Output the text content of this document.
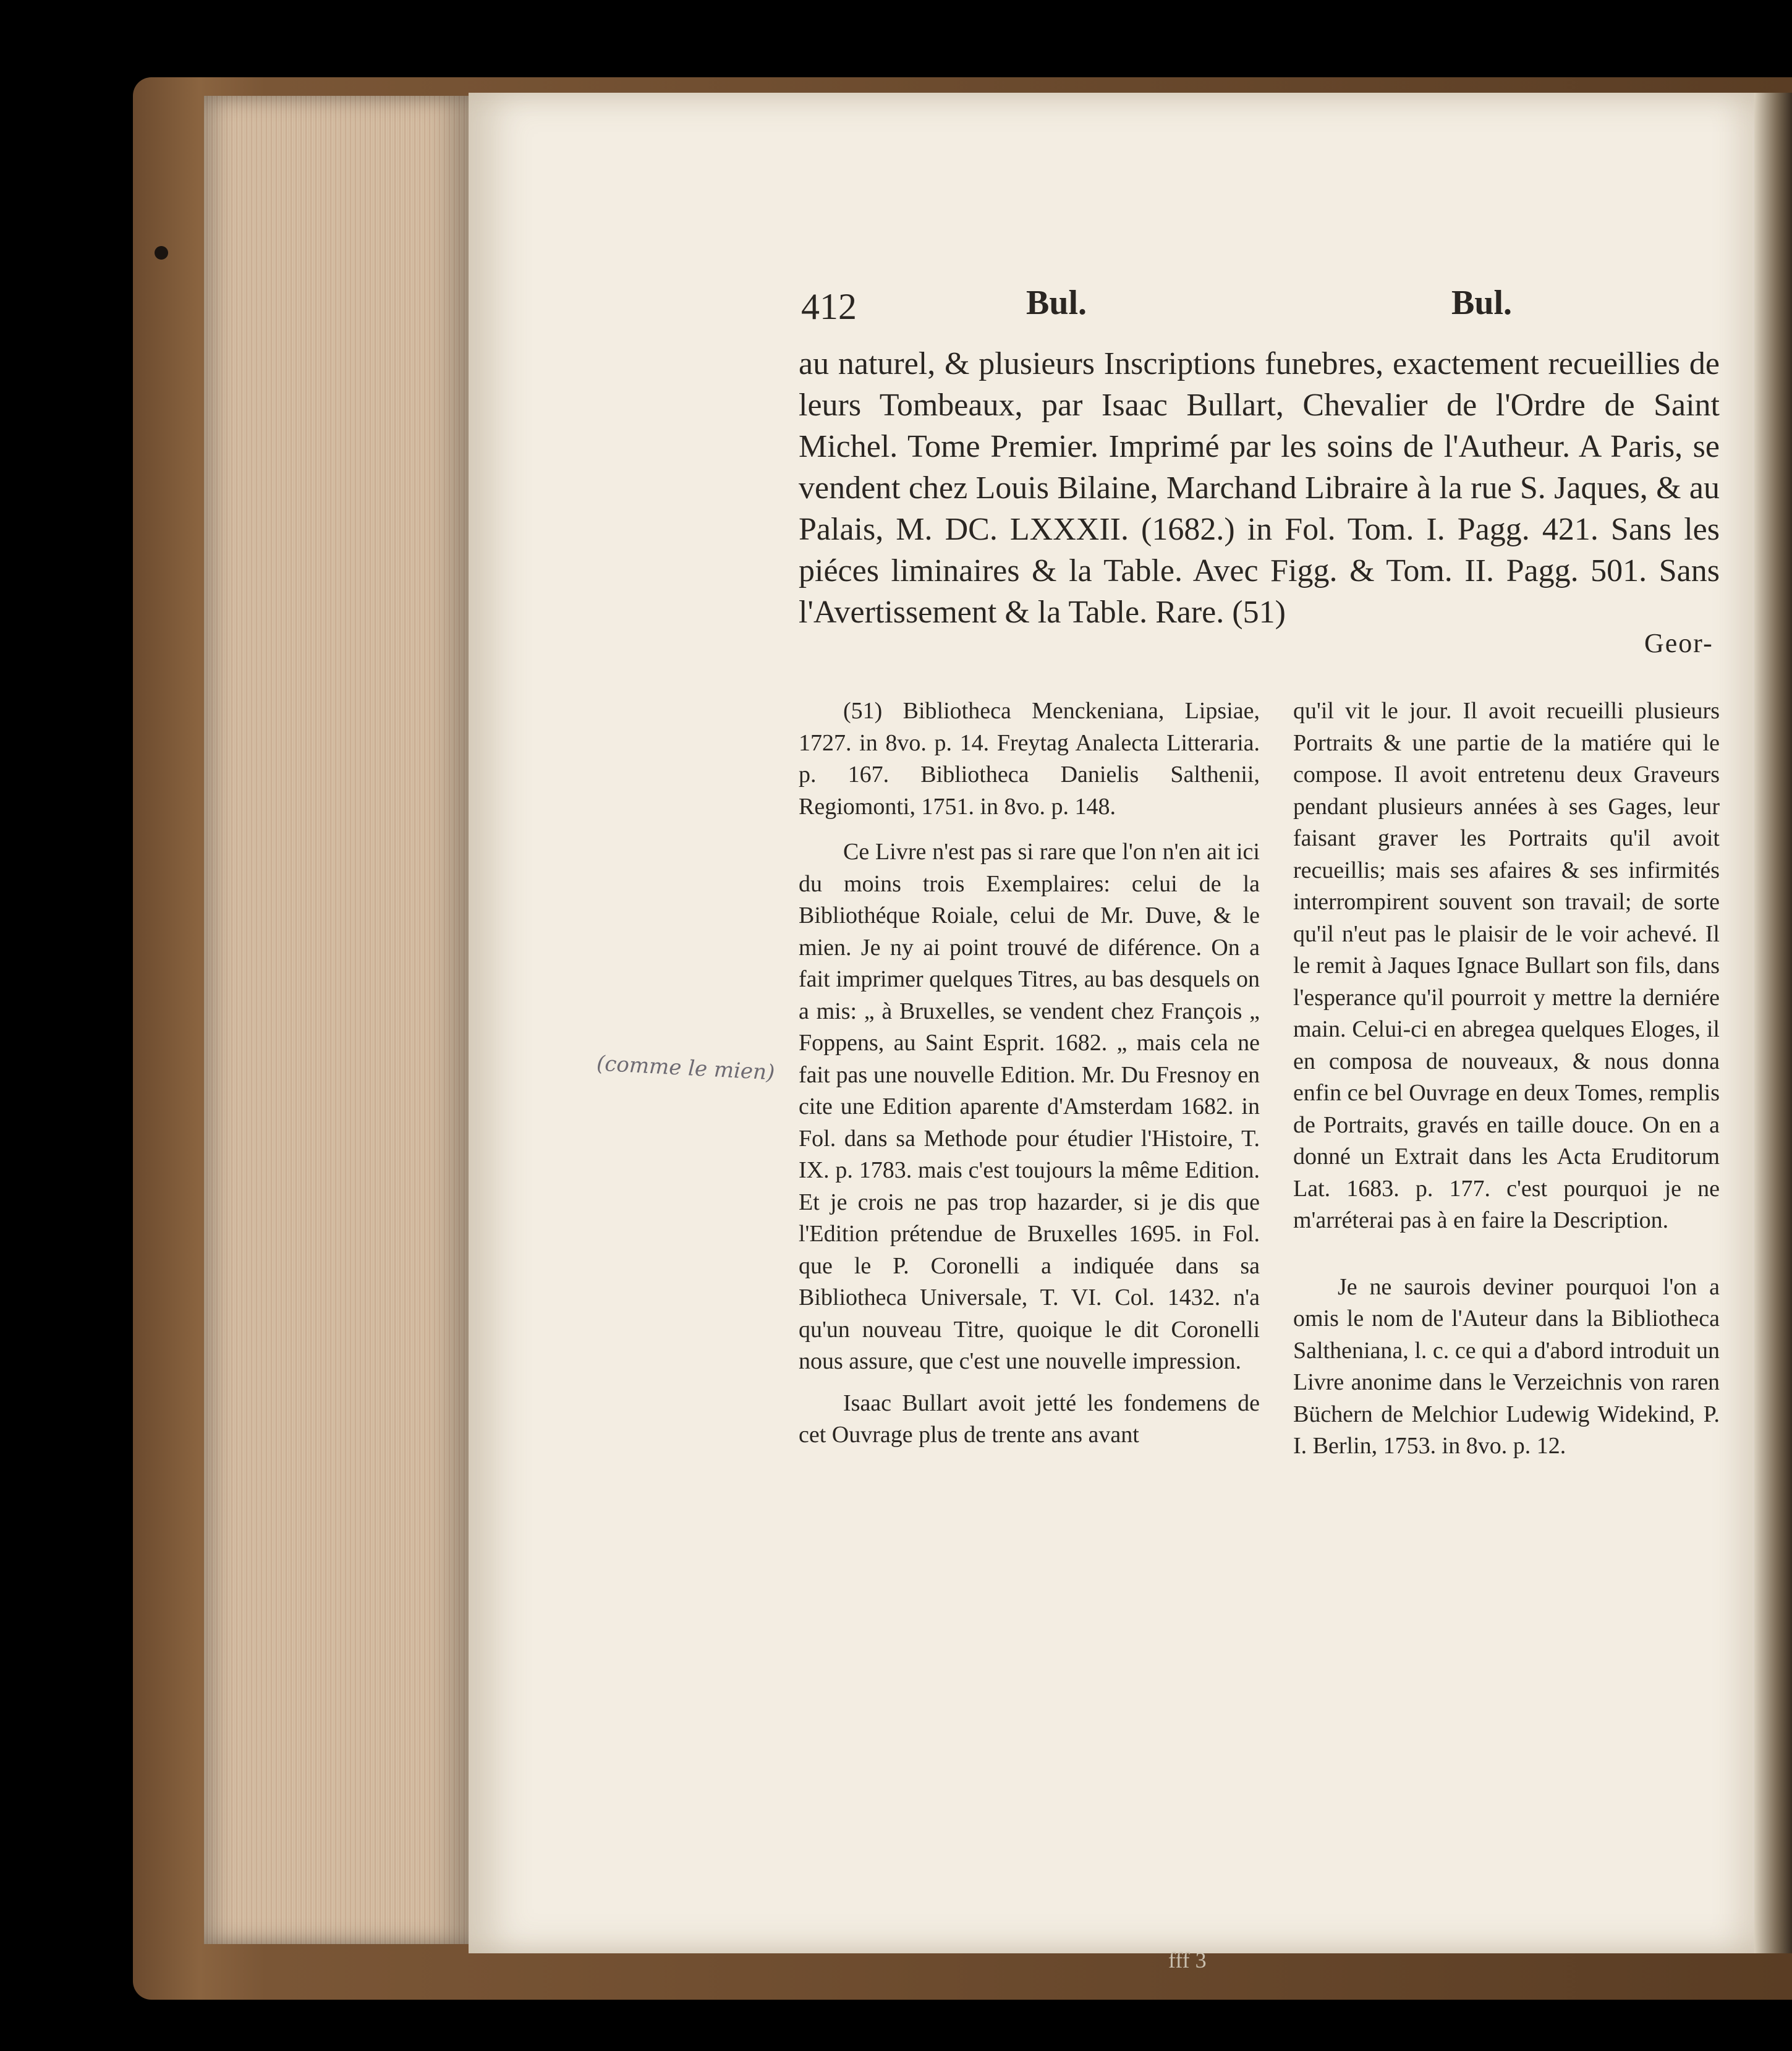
412	Bul.	Bul.

au naturel, & plusieurs Inscriptions funebres, exactement recueillies de leurs Tombeaux, par Isaac Bullart, Chevalier de l'Ordre de Saint Michel. Tome Premier. Imprimé par les soins de l'Autheur. A Paris, se vendent chez Louis Bilaine, Marchand Libraire à la rue S. Jaques, & au Palais, M. DC. LXXXII. (1682.) in Fol. Tom. I. Pagg. 421. Sans les piéces liminaires & la Table. Avec Figg. & Tom. II. Pagg. 501. Sans l'Avertissement & la Table. Rare. (51)

Geor-

(51) Bibliotheca Menckeniana, Lipsiae, 1727. in 8vo. p. 14. Freytag Analecta Litteraria. p. 167. Bibliotheca Danielis Salthenii, Regiomonti, 1751. in 8vo. p. 148.

Ce Livre n'est pas si rare que l'on n'en ait ici du moins trois Exemplaires: celui de la Bibliothéque Roiale, celui de Mr. Duve, & le mien. Je ny ai point trouvé de diférence. On a fait imprimer quelques Titres, au bas desquels on a mis: „ à Bruxelles, se vendent chez François „ Foppens, au Saint Esprit. 1682. „ mais cela ne fait pas une nouvelle Edition. Mr. Du Fresnoy en cite une Edition aparente d'Amsterdam 1682. in Fol. dans sa Methode pour étudier l'Histoire, T. IX. p. 1783. mais c'est toujours la même Edition. Et je crois ne pas trop hazarder, si je dis que l'Edition prétendue de Bruxelles 1695. in Fol. que le P. Coronelli a indiquée dans sa Bibliotheca Universale, T. VI. Col. 1432. n'a qu'un nouveau Titre, quoique le dit Coronelli nous assure, que c'est une nouvelle impression.

Isaac Bullart avoit jetté les fondemens de cet Ouvrage plus de trente ans avant

qu'il vit le jour. Il avoit recueilli plusieurs Portraits & une partie de la matiére qui le compose. Il avoit entretenu deux Graveurs pendant plusieurs années à ses Gages, leur faisant graver les Portraits qu'il avoit recueillis; mais ses afaires & ses infirmités interrompirent souvent son travail; de sorte qu'il n'eut pas le plaisir de le voir achevé. Il le remit à Jaques Ignace Bullart son fils, dans l'esperance qu'il pourroit y mettre la derniére main. Celui-ci en abregea quelques Eloges, il en composa de nouveaux, & nous donna enfin ce bel Ouvrage en deux Tomes, remplis de Portraits, gravés en taille douce. On en a donné un Extrait dans les Acta Eruditorum Lat. 1683. p. 177. c'est pourquoi je ne m'arréterai pas à en faire la Description.

Je ne saurois deviner pourquoi l'on a omis le nom de l'Auteur dans la Bibliotheca Saltheniana, l. c. ce qui a d'abord introduit un Livre anonime dans le Verzeichnis von raren Büchern de Melchior Ludewig Widekind, P. I. Berlin, 1753. in 8vo. p. 12.

(comme le mien)
fff 3
